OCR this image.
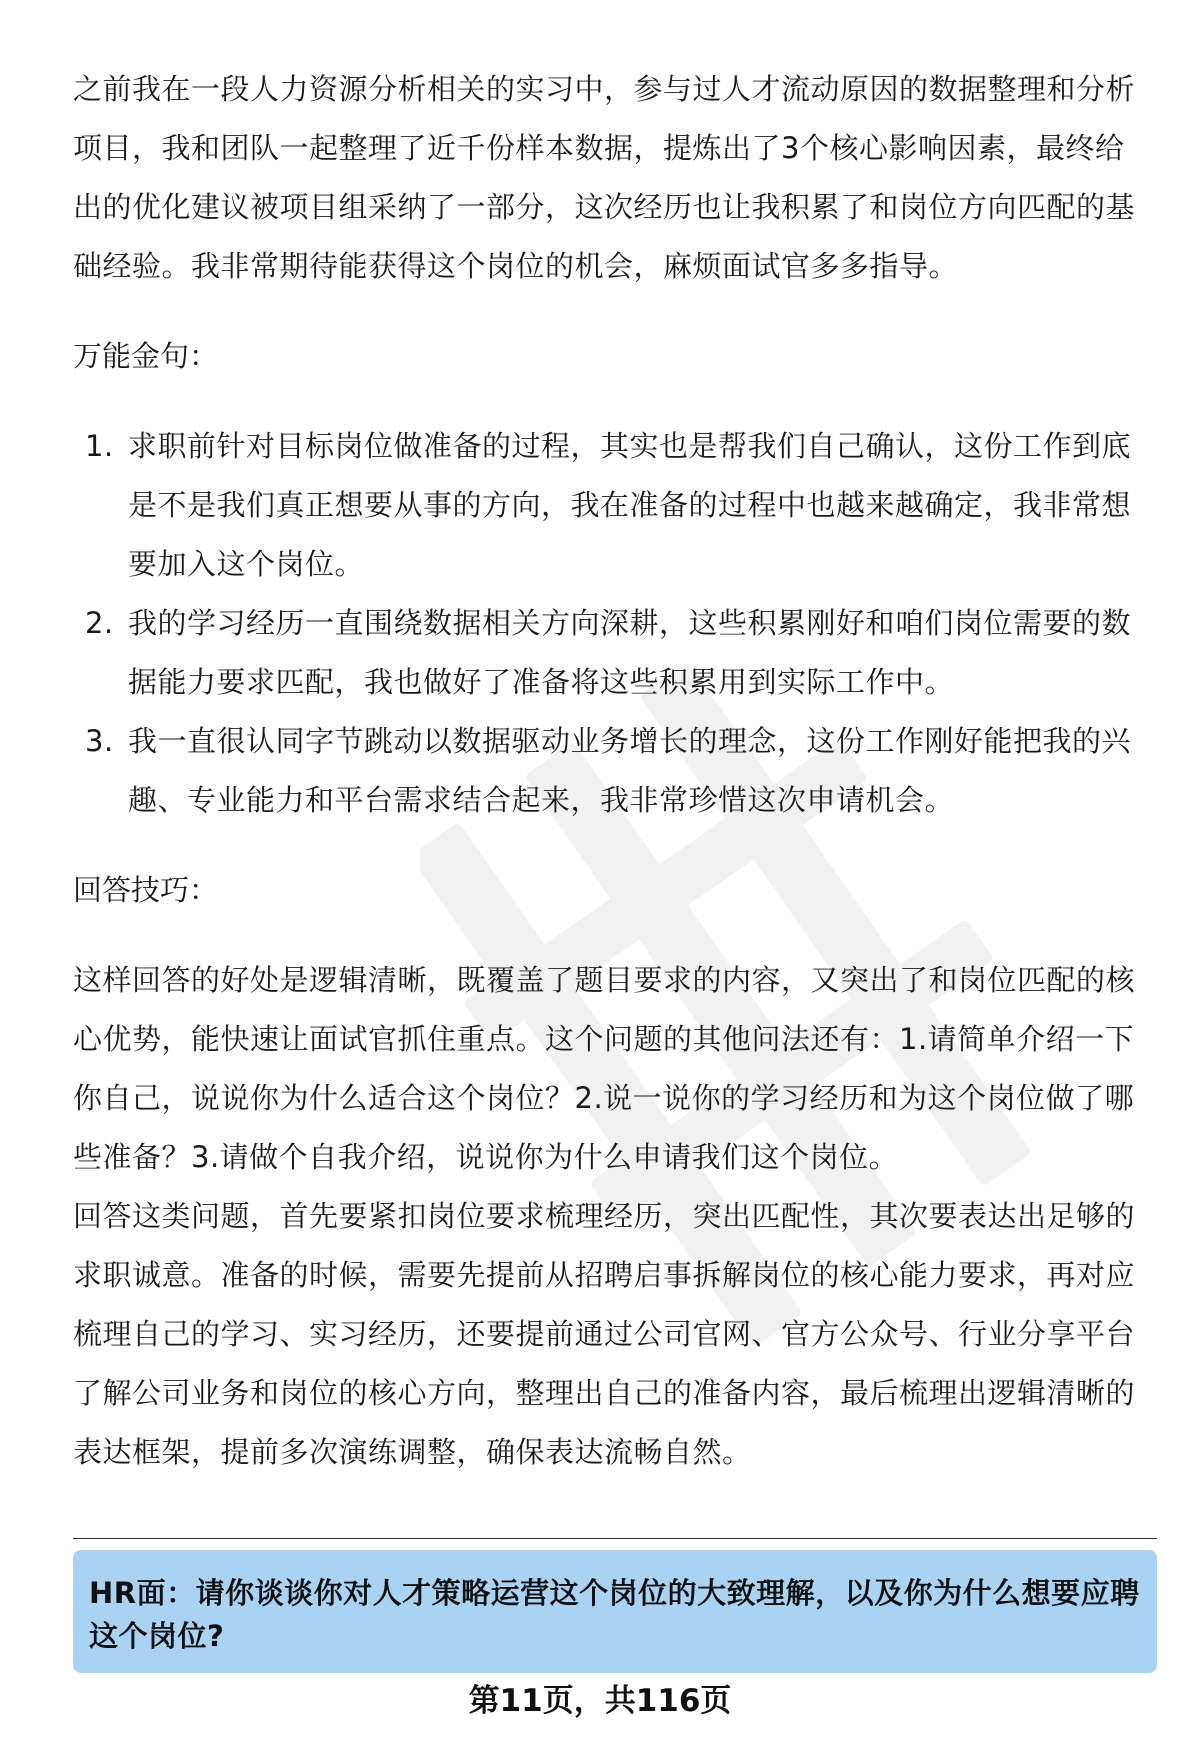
之前我在一段人力资源分析相关的实习中，参与过人才流动原因的数据整理和分析项目，我和团队一起整理了近千份样本数据，提炼出了3个核心影响因素，最终给出的优化建议被项目组采纳了一部分，这次经历也让我积累了和岗位方向匹配的基础经验。我非常期待能获得这个岗位的机会，麻烦面试官多多指导。

万能金句：

1. 求职前针对目标岗位做准备的过程，其实也是帮我们自己确认，这份工作到底是不是我们真正想要从事的方向，我在准备的过程中也越来越确定，我非常想要加入这个岗位。
2. 我的学习经历一直围绕数据相关方向深耕，这些积累刚好和咱们岗位需要的数据能力要求匹配，我也做好了准备将这些积累用到实际工作中。
3. 我一直很认同字节跳动以数据驱动业务增长的理念，这份工作刚好能把我的兴趣、专业能力和平台需求结合起来，我非常珍惜这次申请机会。

回答技巧：

这样回答的好处是逻辑清晰，既覆盖了题目要求的内容，又突出了和岗位匹配的核心优势，能快速让面试官抓住重点。这个问题的其他问法还有：1.请简单介绍一下你自己，说说你为什么适合这个岗位？2.说一说你的学习经历和为这个岗位做了哪些准备？3.请做个自我介绍，说说你为什么申请我们这个岗位。

回答这类问题，首先要紧扣岗位要求梳理经历，突出匹配性，其次要表达出足够的求职诚意。准备的时候，需要先提前从招聘启事拆解岗位的核心能力要求，再对应梳理自己的学习、实习经历，还要提前通过公司官网、官方公众号、行业分享平台了解公司业务和岗位的核心方向，整理出自己的准备内容，最后梳理出逻辑清晰的表达框架，提前多次演练调整，确保表达流畅自然。

HR面：请你谈谈你对人才策略运营这个岗位的大致理解，以及你为什么想要应聘这个岗位?
第11页，共116页
